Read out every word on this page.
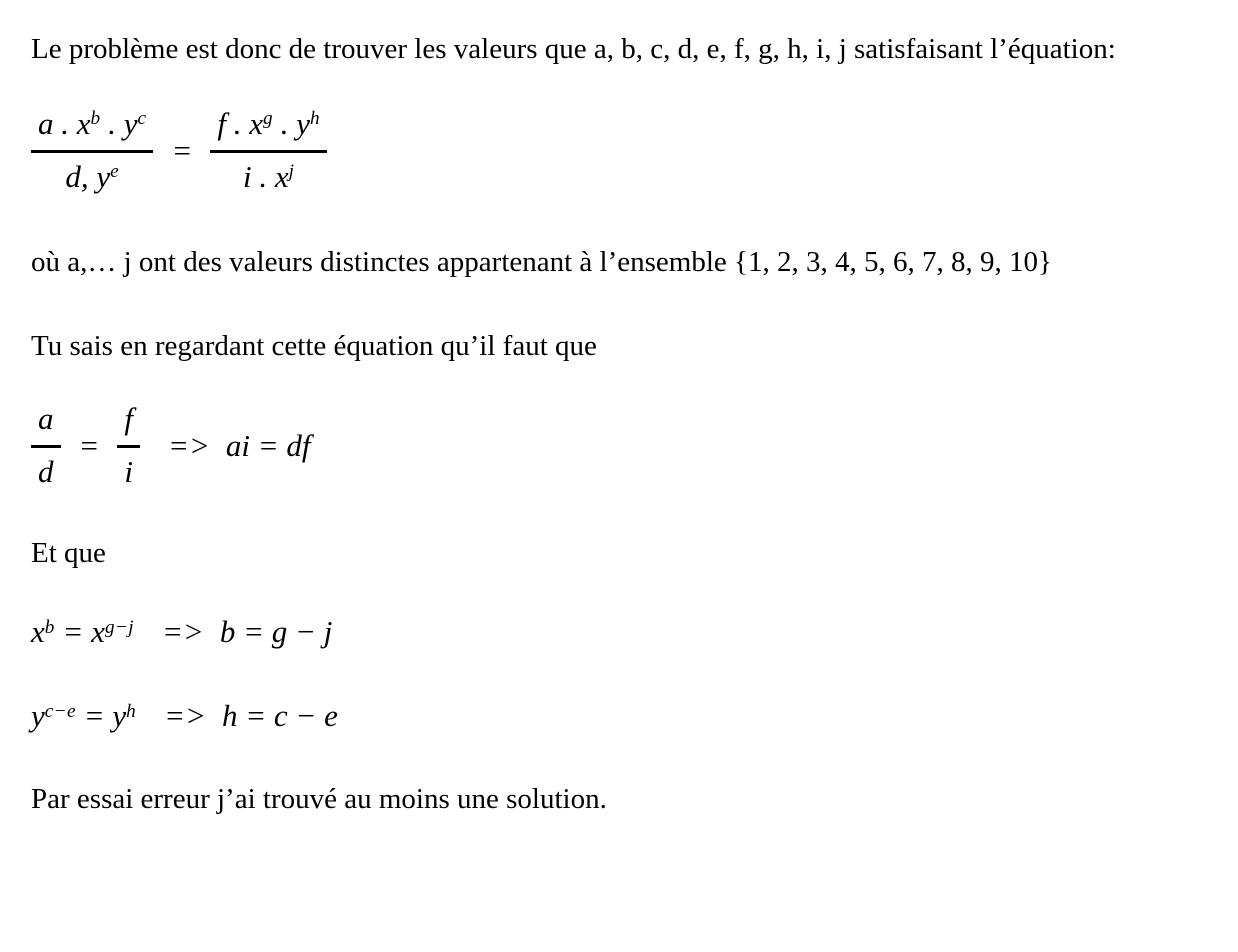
Le problème est donc de trouver les valeurs que a, b, c, d, e, f, g, h, i, j satisfaisant l’équation:

$\frac{a . x^b . y^c}{d, y^e} = \frac{f . x^g . y^h}{i . x^j}$

où a,… j ont des valeurs distinctes appartenant à l’ensemble {1, 2, 3, 4, 5, 6, 7, 8, 9, 10}

Tu sais en regardant cette équation qu’il faut que

$\frac{a}{d} = \frac{f}{i}$ => ai = df

Et que

$x^b = x^{g-j} => b = g - j$
$y^{c-e} = y^h => h = c - e$

Par essai erreur j’ai trouvé au moins une solution.
